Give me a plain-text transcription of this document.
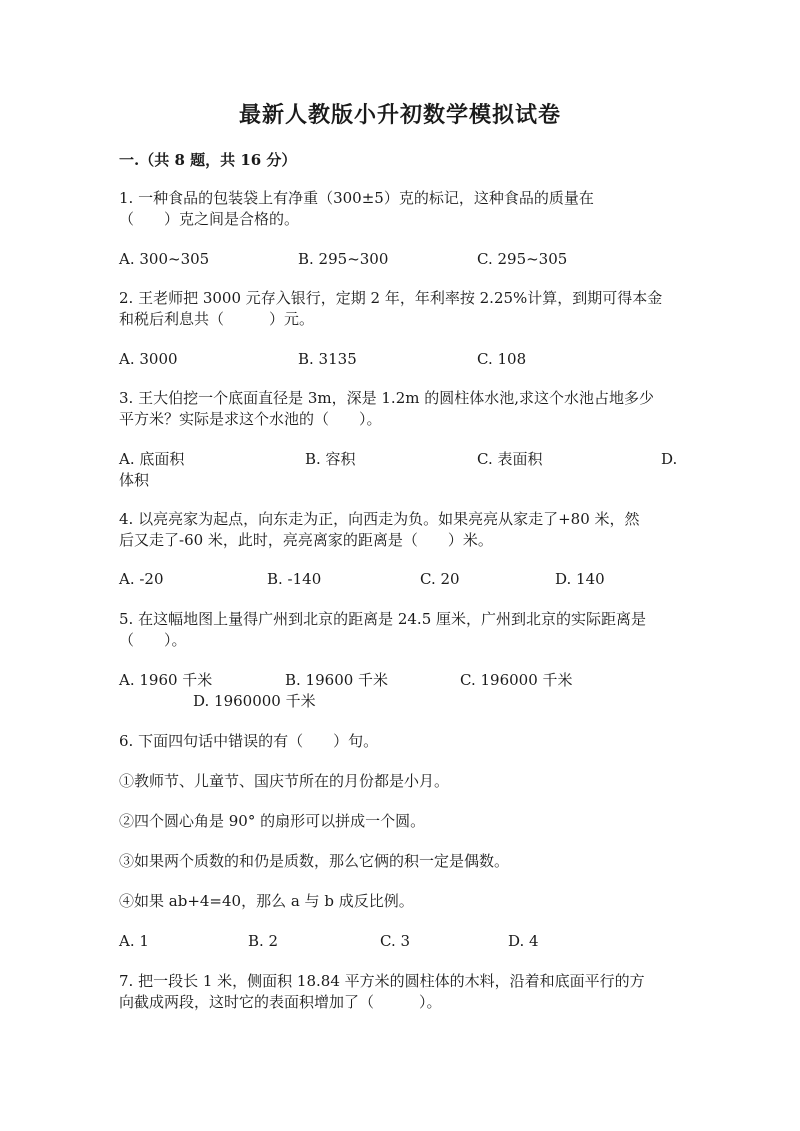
最新人教版小升初数学模拟试卷
一.（共 8 题，共 16 分）
1. 一种食品的包装袋上有净重（300±5）克的标记，这种食品的质量在
（　　）克之间是合格的。
A. 300~305	B. 295~300	C. 295~305
2. 王老师把 3000 元存入银行，定期 2 年，年利率按 2.25%计算，到期可得本金
和税后利息共（　　　）元。
A. 3000	B. 3135	C. 108
3. 王大伯挖一个底面直径是 3m，深是 1.2m 的圆柱体水池,求这个水池占地多少
平方米？实际是求这个水池的（　　）。
A. 底面积	B. 容积	C. 表面积	D.
体积
4. 以亮亮家为起点，向东走为正，向西走为负。如果亮亮从家走了+80 米，然
后又走了-60 米，此时，亮亮离家的距离是（　　）米。
A. -20	B. -140	C. 20	D. 140
5. 在这幅地图上量得广州到北京的距离是 24.5 厘米，广州到北京的实际距离是
（　　）。
A. 1960 千米	B. 19600 千米	C. 196000 千米
D. 1960000 千米
6. 下面四句话中错误的有（　　）句。
①教师节、儿童节、国庆节所在的月份都是小月。
②四个圆心角是 90° 的扇形可以拼成一个圆。
③如果两个质数的和仍是质数，那么它俩的积一定是偶数。
④如果 ab+4=40，那么 a 与 b 成反比例。
A. 1	B. 2	C. 3	D. 4
7. 把一段长 1 米，侧面积 18.84 平方米的圆柱体的木料，沿着和底面平行的方
向截成两段，这时它的表面积增加了（　　　）。
